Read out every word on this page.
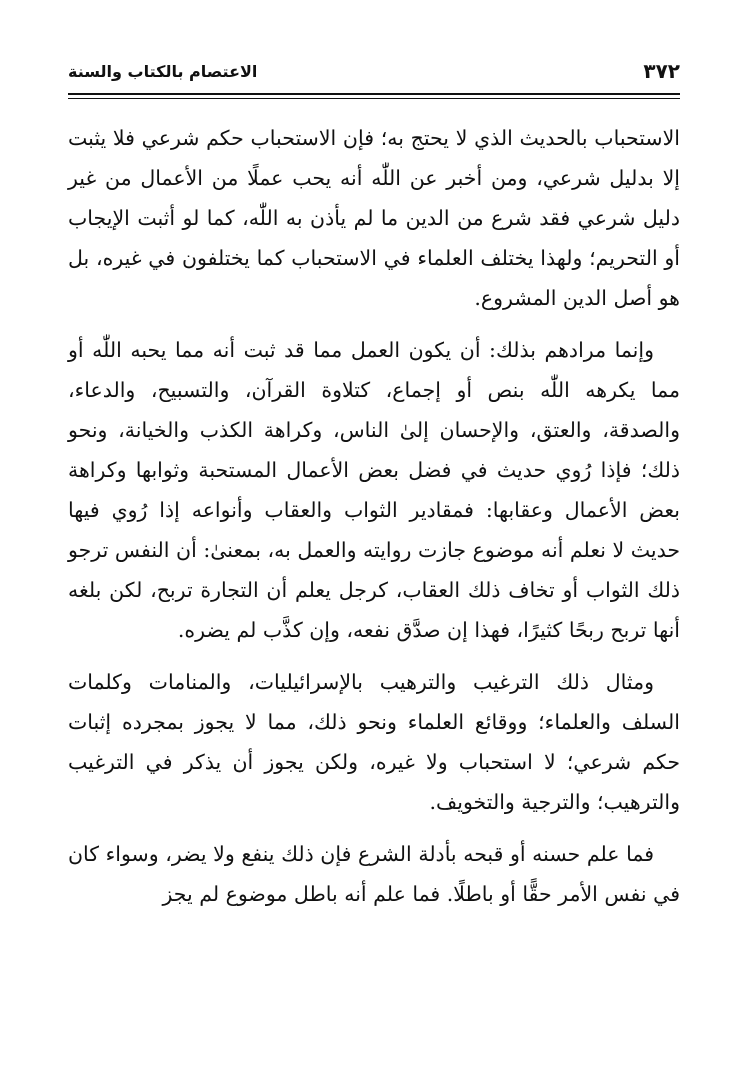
٣٧٢
الاعتصام بالكتاب والسنة

الاستحباب بالحديث الذي لا يحتج به؛ فإن الاستحباب حكم شرعي فلا يثبت إلا بدليل شرعي، ومن أخبر عن اللّٰه أنه يحب عملًا من الأعمال من غير دليل شرعي فقد شرع من الدين ما لم يأذن به اللّٰه، كما لو أثبت الإيجاب أو التحريم؛ ولهذا يختلف العلماء في الاستحباب كما يختلفون في غيره، بل هو أصل الدين المشروع.

وإنما مرادهم بذلك: أن يكون العمل مما قد ثبت أنه مما يحبه اللّٰه أو مما يكرهه اللّٰه بنص أو إجماع، كتلاوة القرآن، والتسبيح، والدعاء، والصدقة، والعتق، والإحسان إلىٰ الناس، وكراهة الكذب والخيانة، ونحو ذلك؛ فإذا رُوي حديث في فضل بعض الأعمال المستحبة وثوابها وكراهة بعض الأعمال وعقابها: فمقادير الثواب والعقاب وأنواعه إذا رُوي فيها حديث لا نعلم أنه موضوع جازت روايته والعمل به، بمعنىٰ: أن النفس ترجو ذلك الثواب أو تخاف ذلك العقاب، كرجل يعلم أن التجارة تربح، لكن بلغه أنها تربح ربحًا كثيرًا، فهذا إن صدَّق نفعه، وإن كذَّب لم يضره.

ومثال ذلك الترغيب والترهيب بالإسرائيليات، والمنامات وكلمات السلف والعلماء؛ ووقائع العلماء ونحو ذلك، مما لا يجوز بمجرده إثبات حكم شرعي؛ لا استحباب ولا غيره، ولكن يجوز أن يذكر في الترغيب والترهيب؛ والترجية والتخويف.

فما علم حسنه أو قبحه بأدلة الشرع فإن ذلك ينفع ولا يضر، وسواء كان في نفس الأمر حقًّا أو باطلًا. فما علم أنه باطل موضوع لم يجز
